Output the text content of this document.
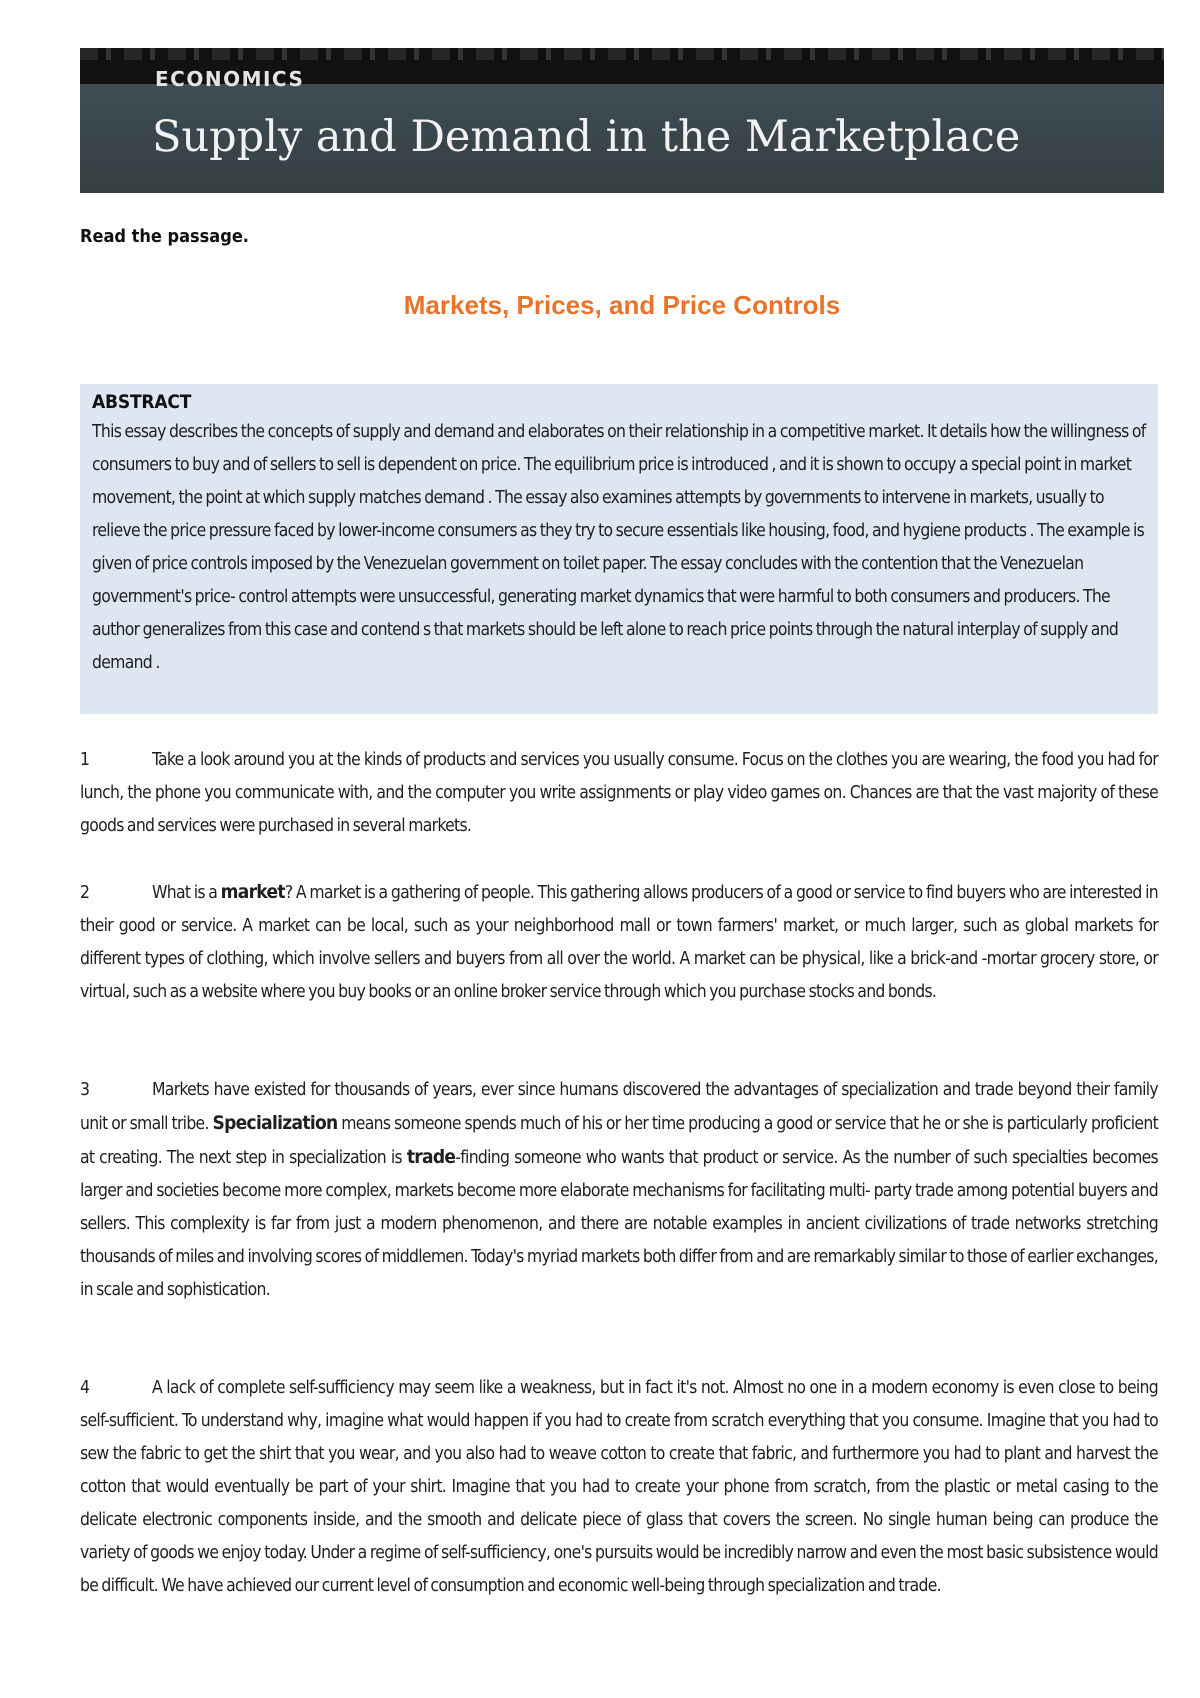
ECONOMICS
Supply and Demand in the Marketplace
Read the passage.
Markets, Prices, and Price Controls
ABSTRACT
This essay describes the concepts of supply and demand and elaborates on their relationship in a competitive market. It details how the willingness of consumers to buy and of sellers to sell is dependent on price. The equilibrium price is introduced , and it is shown to occupy a special point in market movement, the point at which supply matches demand . The essay also examines attempts by governments to intervene in markets, usually to relieve the price pressure faced by lower-income consumers as they try to secure essentials like housing, food, and hygiene products . The example is given of price controls imposed by the Venezuelan government on toilet paper. The essay concludes with the contention that the Venezuelan government's price- control attempts were unsuccessful, generating market dynamics that were harmful to both consumers and producers. The author generalizes from this case and contend s that markets should be left alone to reach price points through the natural interplay of supply and demand .
1	Take a look around you at the kinds of products and services you usually consume. Focus on the clothes you are wearing, the food you had for lunch, the phone you communicate with, and the computer you write assignments or play video games on. Chances are that the vast majority of these goods and services were purchased in several markets.
2	What is a market? A market is a gathering of people. This gathering allows producers of a good or service to find buyers who are interested in their good or service. A market can be local, such as your neighborhood mall or town farmers' market, or much larger, such as global markets for different types of clothing, which involve sellers and buyers from all over the world. A market can be physical, like a brick-and -mortar grocery store, or virtual, such as a website where you buy books or an online broker service through which you purchase stocks and bonds.
3	Markets have existed for thousands of years, ever since humans discovered the advantages of specialization and trade beyond their family unit or small tribe. Specialization means someone spends much of his or her time producing a good or service that he or she is particularly proficient at creating. The next step in specialization is trade-finding someone who wants that product or service. As the number of such specialties becomes larger and societies become more complex, markets become more elaborate mechanisms for facilitating multi- party trade among potential buyers and sellers. This complexity is far from just a modern phenomenon, and there are notable examples in ancient civilizations of trade networks stretching thousands of miles and involving scores of middlemen. Today's myriad markets both differ from and are remarkably similar to those of earlier exchanges, in scale and sophistication.
4	A lack of complete self-sufficiency may seem like a weakness, but in fact it's not. Almost no one in a modern economy is even close to being self-sufficient. To understand why, imagine what would happen if you had to create from scratch everything that you consume. Imagine that you had to sew the fabric to get the shirt that you wear, and you also had to weave cotton to create that fabric, and furthermore you had to plant and harvest the cotton that would eventually be part of your shirt. Imagine that you had to create your phone from scratch, from the plastic or metal casing to the delicate electronic components inside, and the smooth and delicate piece of glass that covers the screen. No single human being can produce the variety of goods we enjoy today. Under a regime of self-sufficiency, one's pursuits would be incredibly narrow and even the most basic subsistence would be difficult. We have achieved our current level of consumption and economic well-being through specialization and trade.
